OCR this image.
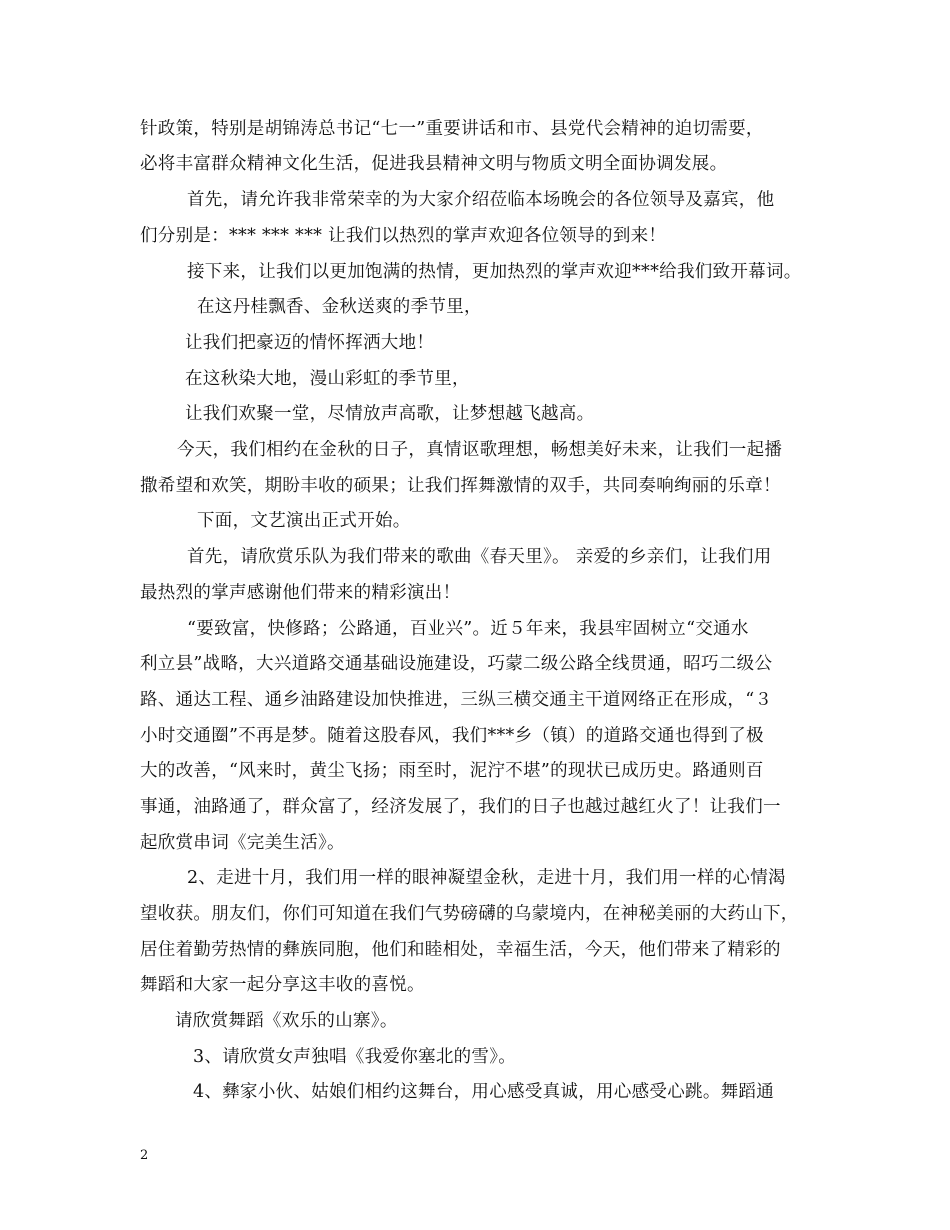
针政策，特别是胡锦涛总书记“七一”重要讲话和市、县党代会精神的迫切需要，
必将丰富群众精神文化生活，促进我县精神文明与物质文明全面协调发展。
首先，请允许我非常荣幸的为大家介绍莅临本场晚会的各位领导及嘉宾，他
们分别是：*** *** *** 让我们以热烈的掌声欢迎各位领导的到来！
接下来，让我们以更加饱满的热情，更加热烈的掌声欢迎***给我们致开幕词。
在这丹桂飘香、金秋送爽的季节里，
让我们把豪迈的情怀挥洒大地！
在这秋染大地，漫山彩虹的季节里，
让我们欢聚一堂，尽情放声高歌，让梦想越飞越高。
今天，我们相约在金秋的日子，真情讴歌理想，畅想美好未来，让我们一起播
撒希望和欢笑，期盼丰收的硕果；让我们挥舞激情的双手，共同奏响绚丽的乐章！
下面，文艺演出正式开始。
首先，请欣赏乐队为我们带来的歌曲《春天里》。 亲爱的乡亲们，让我们用
最热烈的掌声感谢他们带来的精彩演出！
“要致富，快修路；公路通，百业兴”。近５年来，我县牢固树立“交通水
利立县”战略，大兴道路交通基础设施建设，巧蒙二级公路全线贯通，昭巧二级公
路、通达工程、通乡油路建设加快推进，三纵三横交通主干道网络正在形成，“３
小时交通圈”不再是梦。随着这股春风，我们***乡（镇）的道路交通也得到了极
大的改善，“风来时，黄尘飞扬；雨至时，泥泞不堪”的现状已成历史。路通则百
事通，油路通了，群众富了，经济发展了，我们的日子也越过越红火了！让我们一
起欣赏串词《完美生活》。
2、走进十月，我们用一样的眼神凝望金秋，走进十月，我们用一样的心情渴
望收获。朋友们，你们可知道在我们气势磅礴的乌蒙境内，在神秘美丽的大药山下，
居住着勤劳热情的彝族同胞，他们和睦相处，幸福生活，今天，他们带来了精彩的
舞蹈和大家一起分享这丰收的喜悦。
请欣赏舞蹈《欢乐的山寨》。
3、请欣赏女声独唱《我爱你塞北的雪》。
4、彝家小伙、姑娘们相约这舞台，用心感受真诚，用心感受心跳。舞蹈通
2
